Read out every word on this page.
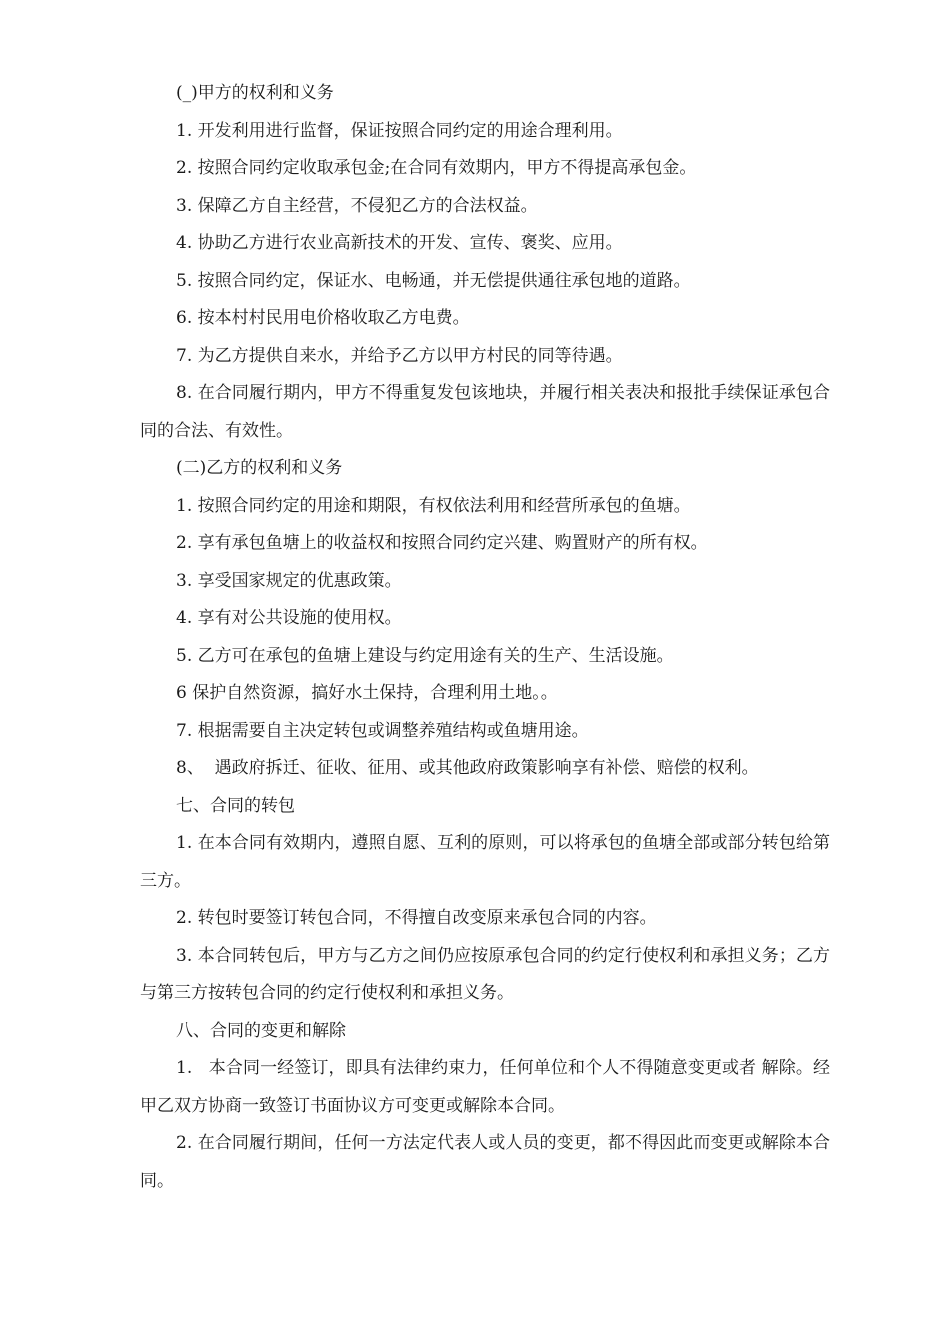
(_)甲方的权利和义务

1. 开发利用进行监督，保证按照合同约定的用途合理利用。

2. 按照合同约定收取承包金;在合同有效期内，甲方不得提高承包金。

3. 保障乙方自主经营，不侵犯乙方的合法权益。

4. 协助乙方进行农业高新技术的开发、宣传、褒奖、应用。

5. 按照合同约定，保证水、电畅通，并无偿提供通往承包地的道路。

6. 按本村村民用电价格收取乙方电费。

7. 为乙方提供自来水，并给予乙方以甲方村民的同等待遇。

8. 在合同履行期内，甲方不得重复发包该地块，并履行相关表决和报批手续保证承包合同的合法、有效性。

(二)乙方的权利和义务

1. 按照合同约定的用途和期限，有权依法利用和经营所承包的鱼塘。

2. 享有承包鱼塘上的收益权和按照合同约定兴建、购置财产的所有权。

3. 享受国家规定的优惠政策。

4. 享有对公共设施的使用权。

5. 乙方可在承包的鱼塘上建设与约定用途有关的生产、生活设施。

6 保护自然资源，搞好水土保持，合理利用土地。。

7. 根据需要自主决定转包或调整养殖结构或鱼塘用途。

8、  遇政府拆迁、征收、征用、或其他政府政策影响享有补偿、赔偿的权利。

七、合同的转包

1. 在本合同有效期内，遵照自愿、互利的原则，可以将承包的鱼塘全部或部分转包给第三方。

2. 转包时要签订转包合同，不得擅自改变原来承包合同的内容。

3. 本合同转包后，甲方与乙方之间仍应按原承包合同的约定行使权利和承担义务；乙方与第三方按转包合同的约定行使权利和承担义务。

八、合同的变更和解除

1.   本合同一经签订，即具有法律约束力，任何单位和个人不得随意变更或者 解除。经甲乙双方协商一致签订书面协议方可变更或解除本合同。

2. 在合同履行期间，任何一方法定代表人或人员的变更，都不得因此而变更或解除本合同。
